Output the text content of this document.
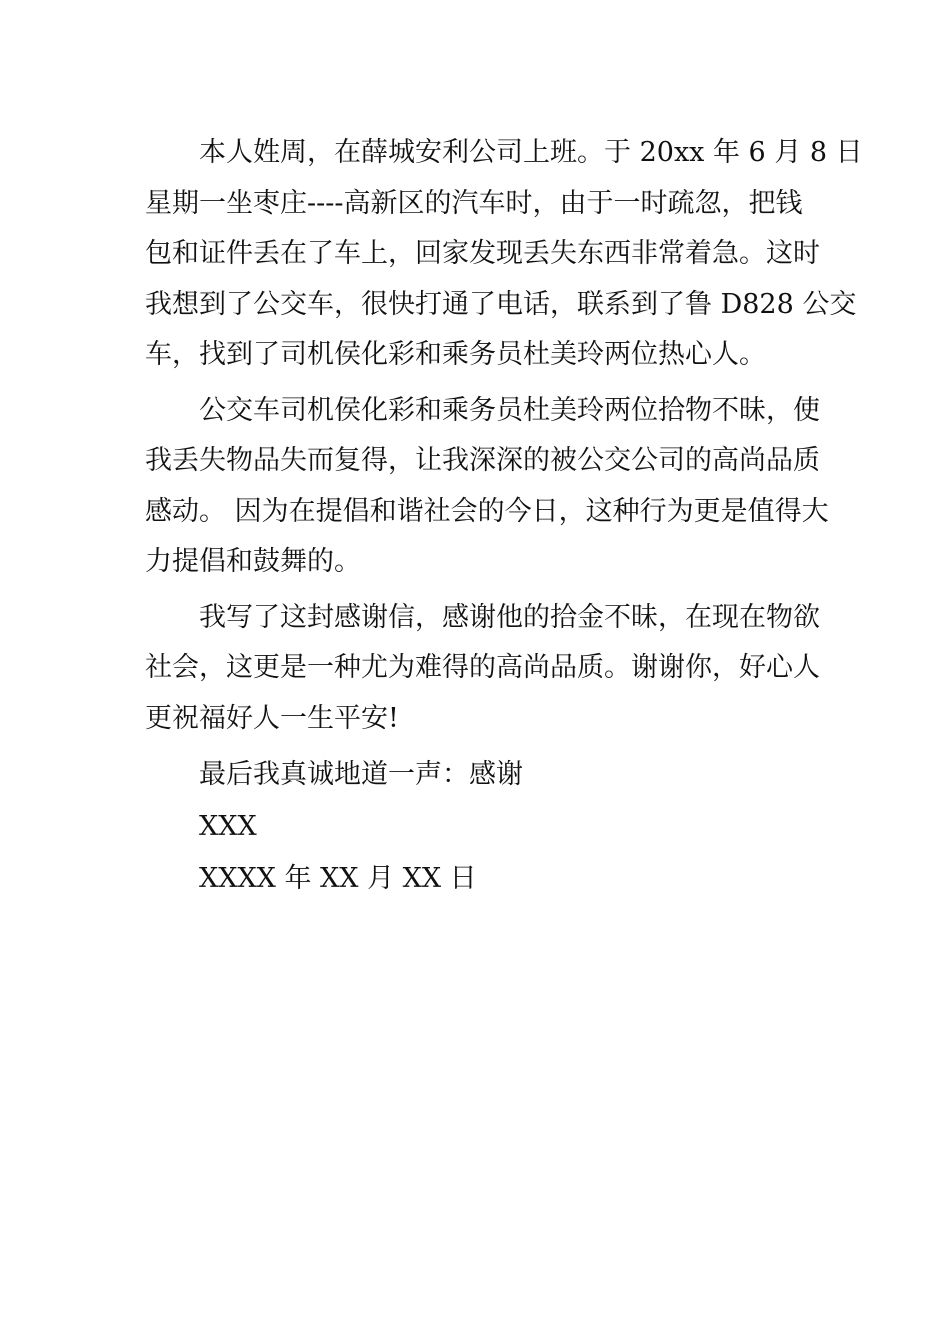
本人姓周，在薛城安利公司上班。于 20xx 年 6 月 8 日
星期一坐枣庄----高新区的汽车时，由于一时疏忽，把钱
包和证件丢在了车上，回家发现丢失东西非常着急。这时
我想到了公交车，很快打通了电话，联系到了鲁 D828 公交
车，找到了司机侯化彩和乘务员杜美玲两位热心人。
公交车司机侯化彩和乘务员杜美玲两位拾物不昧，使
我丢失物品失而复得，让我深深的被公交公司的高尚品质
感动。 因为在提倡和谐社会的今日，这种行为更是值得大
力提倡和鼓舞的。
我写了这封感谢信，感谢他的拾金不昧，在现在物欲
社会，这更是一种尤为难得的高尚品质。谢谢你，好心人
更祝福好人一生平安!
最后我真诚地道一声：感谢
XXX
XXXX 年 XX 月 XX 日
